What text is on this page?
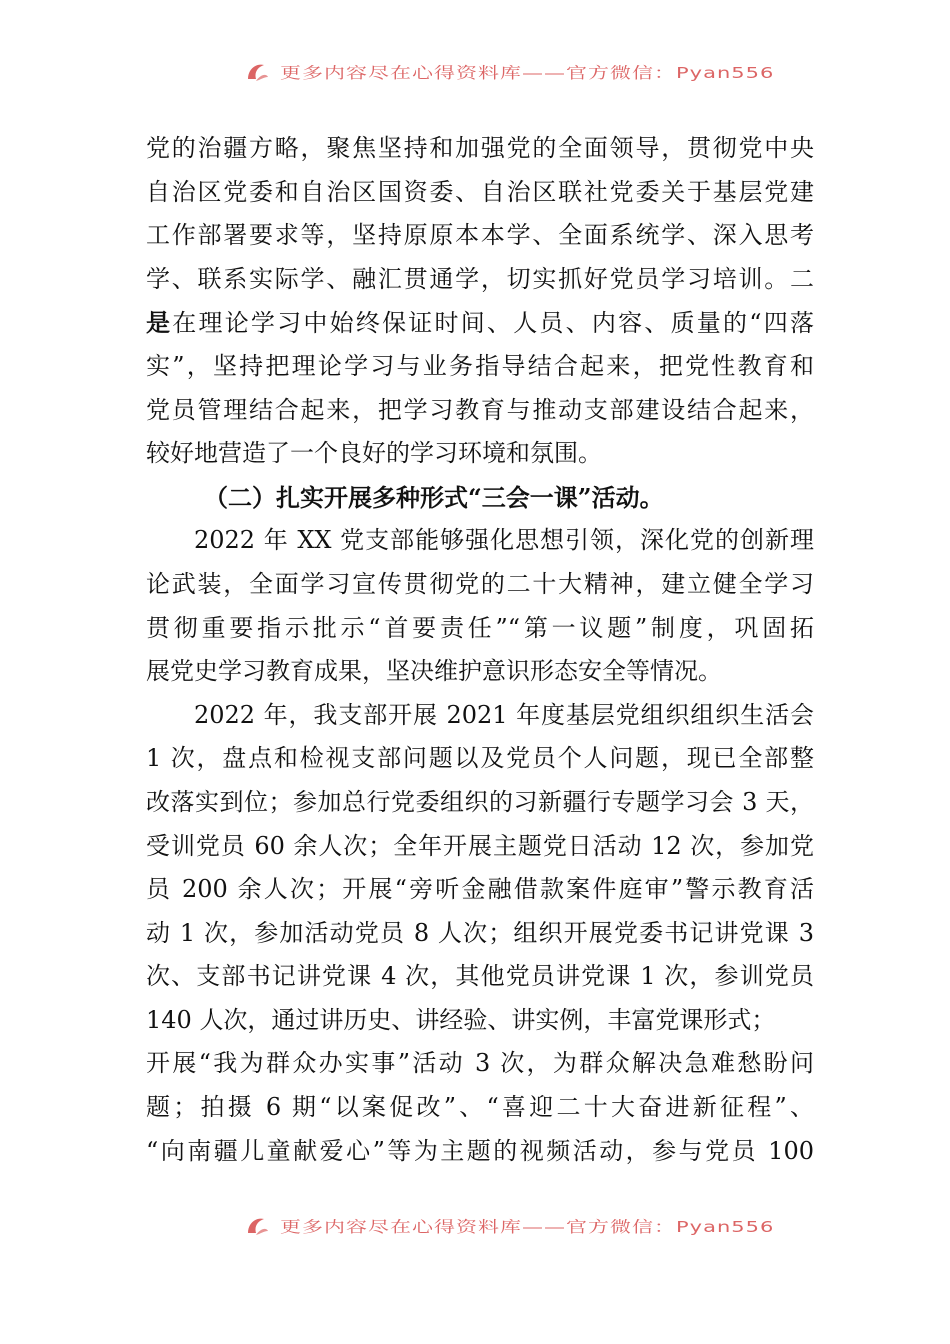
更多内容尽在心得资料库——官方微信：Pyan556
党的治疆方略，聚焦坚持和加强党的全面领导，贯彻党中央
自治区党委和自治区国资委、自治区联社党委关于基层党建
工作部署要求等，坚持原原本本学、全面系统学、深入思考
学、联系实际学、融汇贯通学，切实抓好党员学习培训。二
是在理论学习中始终保证时间、人员、内容、质量的“四落
实”，坚持把理论学习与业务指导结合起来，把党性教育和
党员管理结合起来，把学习教育与推动支部建设结合起来，
较好地营造了一个良好的学习环境和氛围。
（二）扎实开展多种形式“三会一课”活动。
2022 年 XX 党支部能够强化思想引领，深化党的创新理
论武装，全面学习宣传贯彻党的二十大精神，建立健全学习
贯彻重要指示批示“首要责任”“第一议题”制度，巩固拓
展党史学习教育成果，坚决维护意识形态安全等情况。
2022 年，我支部开展 2021 年度基层党组织组织生活会
1 次，盘点和检视支部问题以及党员个人问题，现已全部整
改落实到位；参加总行党委组织的习新疆行专题学习会 3 天，
受训党员 60 余人次；全年开展主题党日活动 12 次，参加党
员 200 余人次；开展“旁听金融借款案件庭审”警示教育活
动 1 次，参加活动党员 8 人次；组织开展党委书记讲党课 3
次、支部书记讲党课 4 次，其他党员讲党课 1 次，参训党员
140 人次，通过讲历史、讲经验、讲实例，丰富党课形式；
开展“我为群众办实事”活动 3 次，为群众解决急难愁盼问
题；拍摄 6 期“以案促改”、“喜迎二十大奋进新征程”、
“向南疆儿童献爱心”等为主题的视频活动，参与党员 100
更多内容尽在心得资料库——官方微信：Pyan556
